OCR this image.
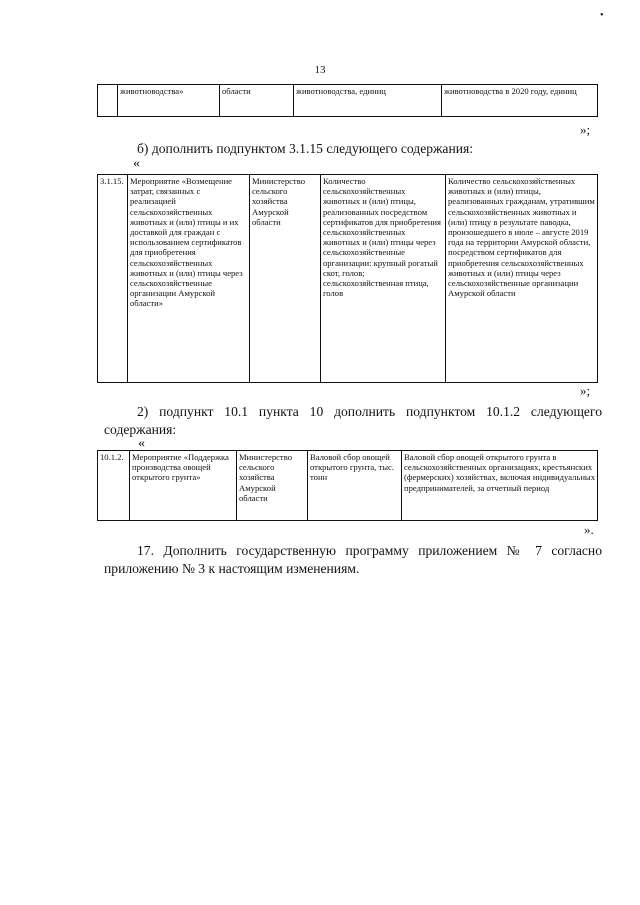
•
13
	животноводства»	области	животноводства, единиц	животноводства в 2020 году, единиц
»;
б) дополнить подпунктом 3.1.15 следующего содержания:
«
3.1.15.	Мероприятие «Возмещение затрат, связанных с реализацией сельскохозяйственных животных и (или) птицы и их доставкой для граждан с использованием сертификатов для приобретения сельскохозяйственных животных и (или) птицы через сельскохозяйственные организации Амурской области»	Министерство сельского хозяйства Амурской области	Количество сельскохозяйственных животных и (или) птицы, реализованных посредством сертификатов для приобретения сельскохозяйственных животных и (или) птицы через сельскохозяйственные организации: крупный рогатый скот, голов; сельскохозяйственная птица, голов	Количество сельскохозяйственных животных и (или) птицы, реализованных гражданам, утратившим сельскохозяйственных животных и (или) птицу в результате паводка, произошедшего в июле – августе 2019 года на территории Амурской области, посредством сертификатов для приобретения сельскохозяйственных животных и (или) птицы через сельскохозяйственные организации Амурской области
»;
2) подпункт 10.1 пункта 10 дополнить подпунктом 10.1.2 следующего содержания:
«
10.1.2.	Мероприятие «Поддержка производства овощей открытого грунта»	Министерство сельского хозяйства Амурской области	Валовой сбор овощей открытого грунта, тыс. тонн	Валовой сбор овощей открытого грунта в сельскохозяйственных организациях, крестьянских (фермерских) хозяйствах, включая индивидуальных предпринимателей, за отчетный период
».
17. Дополнить государственную программу приложением № 7 согласно приложению № 3 к настоящим изменениям.
